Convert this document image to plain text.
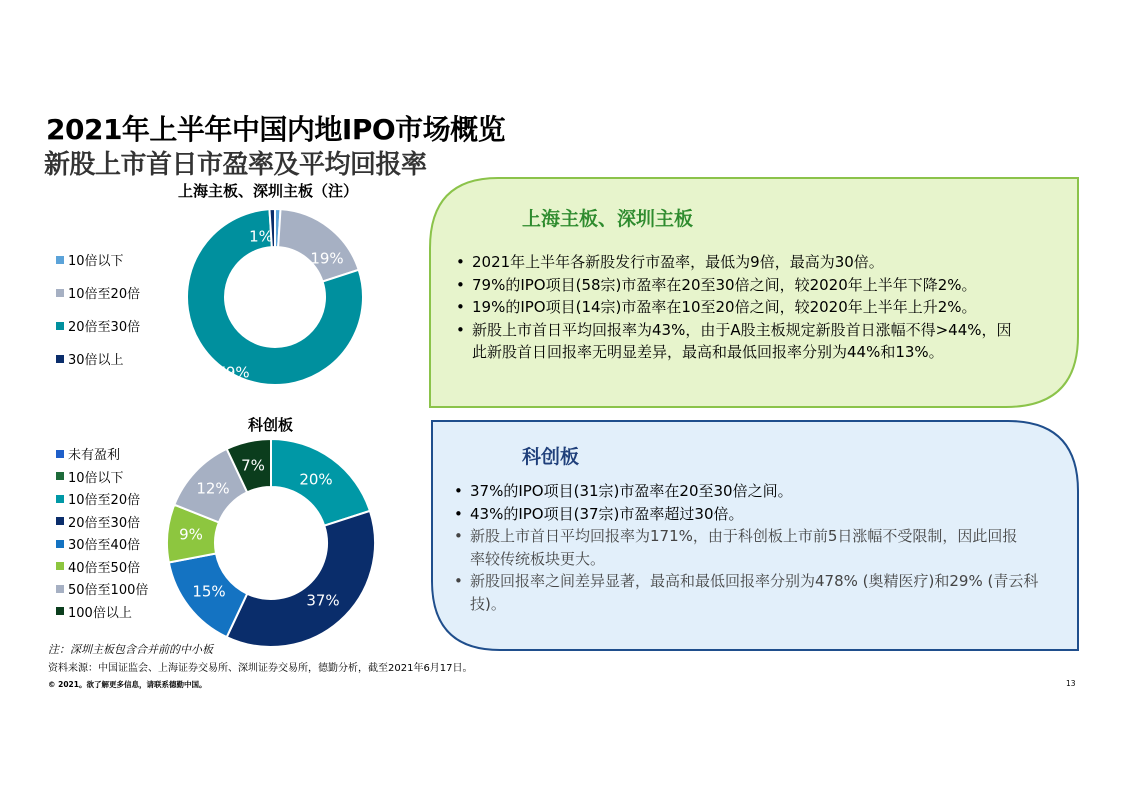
2021年上半年中国内地IPO市场概览
新股上市首日市盈率及平均回报率
上海主板、深圳主板（注）
10倍以下
10倍至20倍
20倍至30倍
30倍以上
19%
79%
1%
科创板
未有盈利
10倍以下
10倍至20倍
20倍至30倍
30倍至40倍
40倍至50倍
50倍至100倍
100倍以上
20%
37%
15%
9%
12%
7%
上海主板、深圳主板
• 2021年上半年各新股发行市盈率，最低为9倍，最高为30倍。
• 79%的IPO项目(58宗)市盈率在20至30倍之间，较2020年上半年下降2%。
• 19%的IPO项目(14宗)市盈率在10至20倍之间，较2020年上半年上升2%。
• 新股上市首日平均回报率为43%，由于A股主板规定新股首日涨幅不得>44%，因此新股首日回报率无明显差异，最高和最低回报率分别为44%和13%。
科创板
• 37%的IPO项目(31宗)市盈率在20至30倍之间。
• 43%的IPO项目(37宗)市盈率超过30倍。
• 新股上市首日平均回报率为171%，由于科创板上市前5日涨幅不受限制，因此回报率较传统板块更大。
• 新股回报率之间差异显著，最高和最低回报率分别为478% (奥精医疗)和29% (青云科技)。
注：深圳主板包含合并前的中小板
资料来源：中国证监会、上海证券交易所、深圳证券交易所，德勤分析，截至2021年6月17日。
© 2021。欲了解更多信息，请联系德勤中国。	13
